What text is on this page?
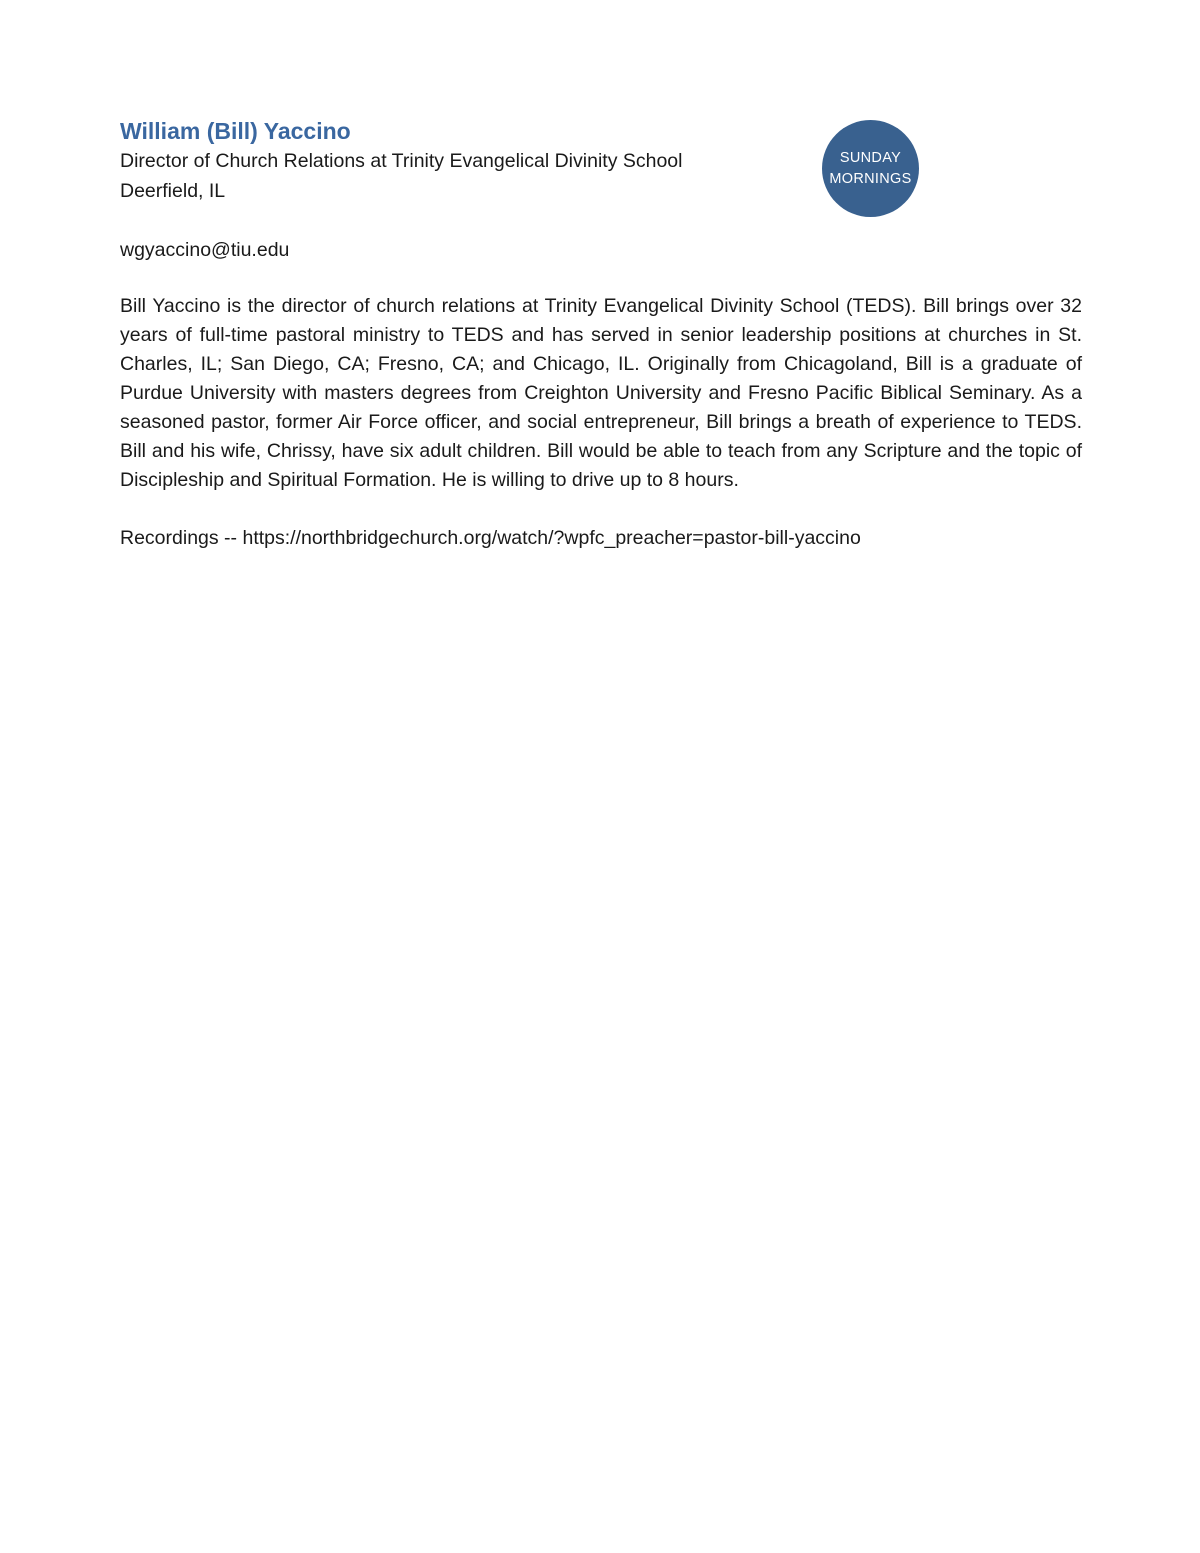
William (Bill) Yaccino

Director of Church Relations at Trinity Evangelical Divinity School

Deerfield, IL

wgyaccino@tiu.edu

Bill Yaccino is the director of church relations at Trinity Evangelical Divinity School (TEDS). Bill brings over 32 years of full-time pastoral ministry to TEDS and has served in senior leadership positions at churches in St. Charles, IL; San Diego, CA; Fresno, CA; and Chicago, IL. Originally from Chicagoland, Bill is a graduate of Purdue University with masters degrees from Creighton University and Fresno Pacific Biblical Seminary. As a seasoned pastor, former Air Force officer, and social entrepreneur, Bill brings a breath of experience to TEDS. Bill and his wife, Chrissy, have six adult children. Bill would be able to teach from any Scripture and the topic of Discipleship and Spiritual Formation. He is willing to drive up to 8 hours.

Recordings -- https://northbridgechurch.org/watch/?wpfc_preacher=pastor-bill-yaccino

SUNDAY
MORNINGS
